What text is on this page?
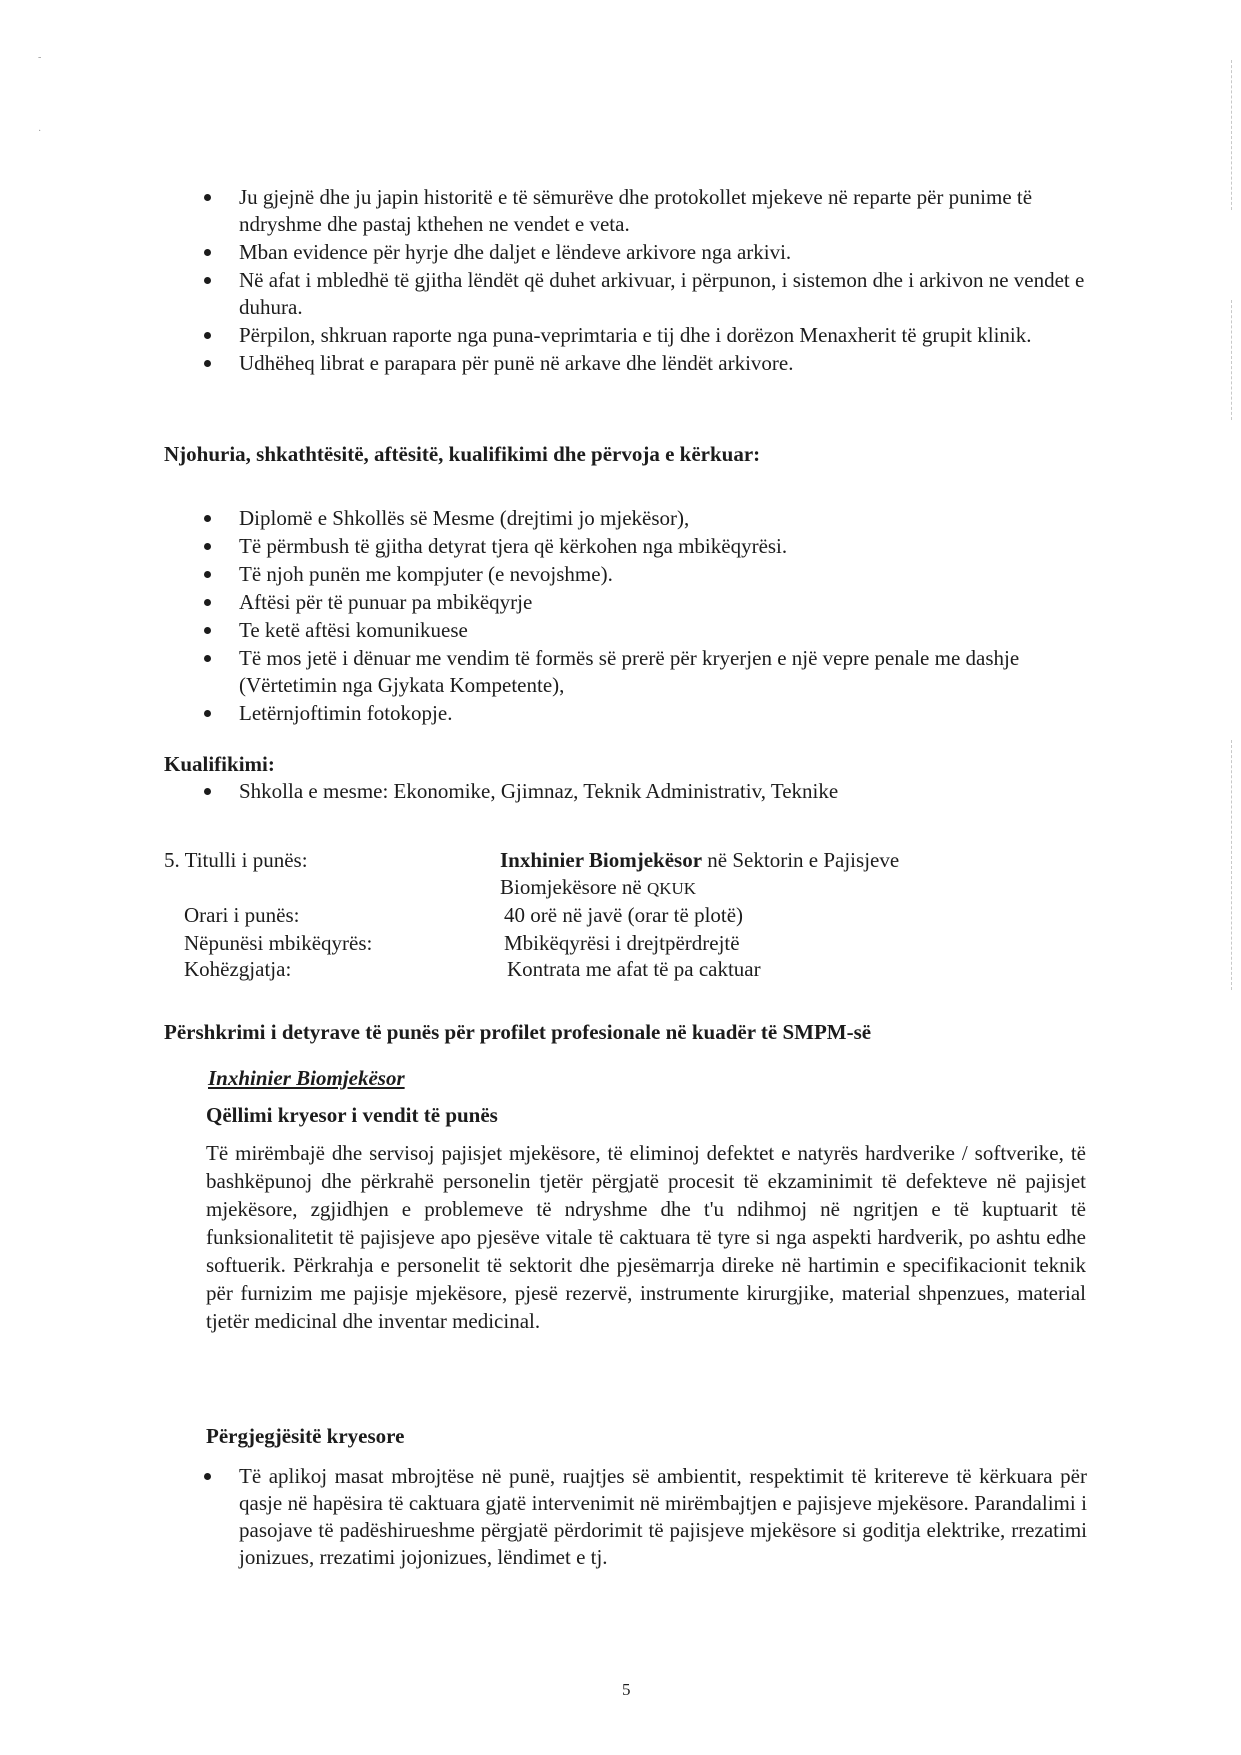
-
·
Ju gjejnë dhe ju japin historitë e të sëmurëve dhe protokollet mjekeve në reparte për punime të ndryshme dhe pastaj kthehen ne vendet e veta.
Mban evidence për hyrje dhe daljet e lëndeve arkivore nga arkivi.
Në afat i mbledhë të gjitha lëndët që duhet arkivuar, i përpunon, i sistemon dhe i arkivon ne vendet e duhura.
Përpilon, shkruan raporte nga puna-veprimtaria e tij dhe i dorëzon Menaxherit të grupit klinik.
Udhëheq librat e parapara për punë në arkave dhe lëndët arkivore.
Njohuria, shkathtësitë, aftësitë, kualifikimi dhe përvoja e kërkuar:
Diplomë e Shkollës së Mesme (drejtimi jo mjekësor),
Të përmbush të gjitha detyrat tjera që kërkohen nga mbikëqyrësi.
Të njoh punën me kompjuter (e nevojshme).
Aftësi për të punuar pa mbikëqyrje
Te ketë aftësi komunikuese
Të mos jetë i dënuar me vendim të formës së prerë për kryerjen e një vepre penale me dashje (Vërtetimin nga Gjykata Kompetente),
Letërnjoftimin fotokopje.
Kualifikimi:
Shkolla e mesme: Ekonomike, Gjimnaz, Teknik Administrativ, Teknike
5. Titulli i punës:	Inxhinier Biomjekësor në Sektorin e Pajisjeve
Biomjekësore në QKUK
Orari i punës:	40 orë në javë (orar të plotë)
Nëpunësi mbikëqyrës:	Mbikëqyrësi i drejtpërdrejtë
Kohëzgjatja:	Kontrata me afat të pa caktuar
Përshkrimi i detyrave të punës për profilet profesionale në kuadër të SMPM-së
Inxhinier Biomjekësor
Qëllimi kryesor i vendit të punës
Të mirëmbajë dhe servisoj pajisjet mjekësore, të eliminoj defektet e natyrës hardverike / softverike, të bashkëpunoj dhe përkrahë personelin tjetër përgjatë procesit të ekzaminimit të defekteve në pajisjet mjekësore, zgjidhjen e problemeve të ndryshme dhe t'u ndihmoj në ngritjen e të kuptuarit të funksionalitetit të pajisjeve apo pjesëve vitale të caktuara të tyre si nga aspekti hardverik, po ashtu edhe softuerik. Përkrahja e personelit të sektorit dhe pjesëmarrja direke në hartimin e specifikacionit teknik për furnizim me pajisje mjekësore, pjesë rezervë, instrumente kirurgjike, material shpenzues, material tjetër medicinal dhe inventar medicinal.
Përgjegjësitë kryesore
Të aplikoj masat mbrojtëse në punë, ruajtjes së ambientit, respektimit të kritereve të kërkuara për qasje në hapësira të caktuara gjatë intervenimit në mirëmbajtjen e pajisjeve mjekësore. Parandalimi i pasojave të padëshirueshme përgjatë përdorimit të pajisjeve mjekësore si goditja elektrike, rrezatimi jonizues, rrezatimi jojonizues, lëndimet e tj.
5
